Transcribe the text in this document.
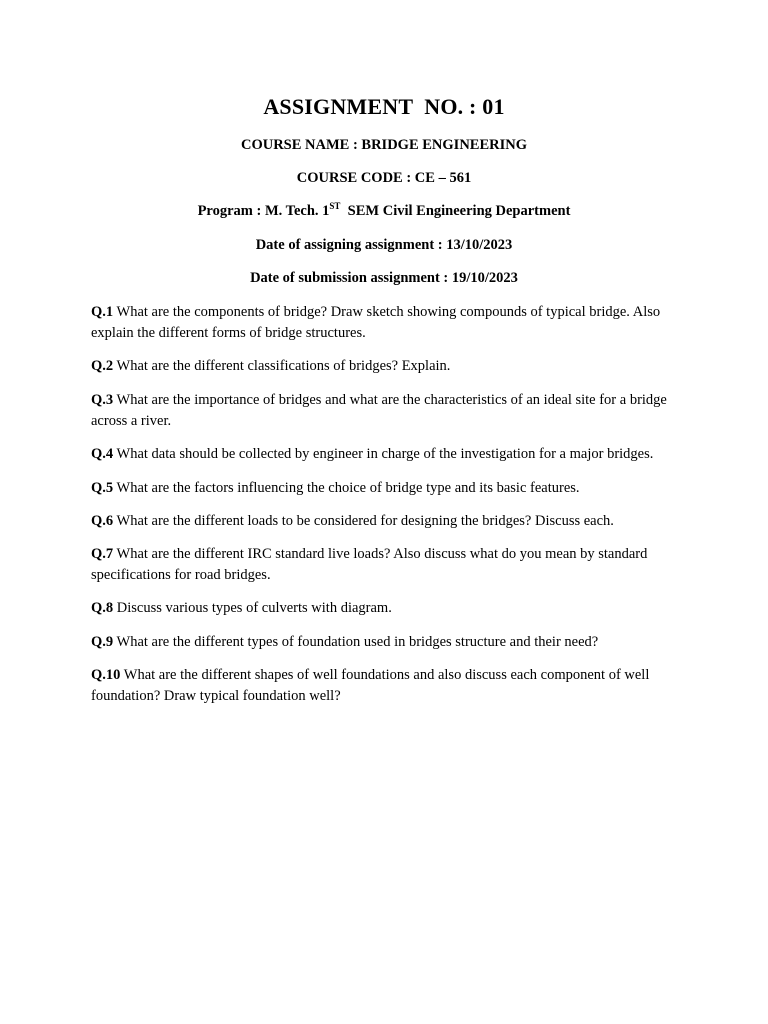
ASSIGNMENT  NO. : 01
COURSE NAME : BRIDGE ENGINEERING
COURSE CODE : CE – 561
Program : M. Tech. 1ST  SEM Civil Engineering Department
Date of assigning assignment : 13/10/2023
Date of submission assignment : 19/10/2023
Q.1 What are the components of bridge? Draw sketch showing compounds of typical bridge. Also explain the different forms of bridge structures.
Q.2 What are the different classifications of bridges? Explain.
Q.3 What are the importance of bridges and what are the characteristics of an ideal site for a bridge across a river.
Q.4 What data should be collected by engineer in charge of the investigation for a major bridges.
Q.5 What are the factors influencing the choice of bridge type and its basic features.
Q.6 What are the different loads to be considered for designing the bridges? Discuss each.
Q.7 What are the different IRC standard live loads? Also discuss what do you mean by standard specifications for road bridges.
Q.8 Discuss various types of culverts with diagram.
Q.9 What are the different types of foundation used in bridges structure and their need?
Q.10 What are the different shapes of well foundations and also discuss each component of well foundation? Draw typical foundation well?
